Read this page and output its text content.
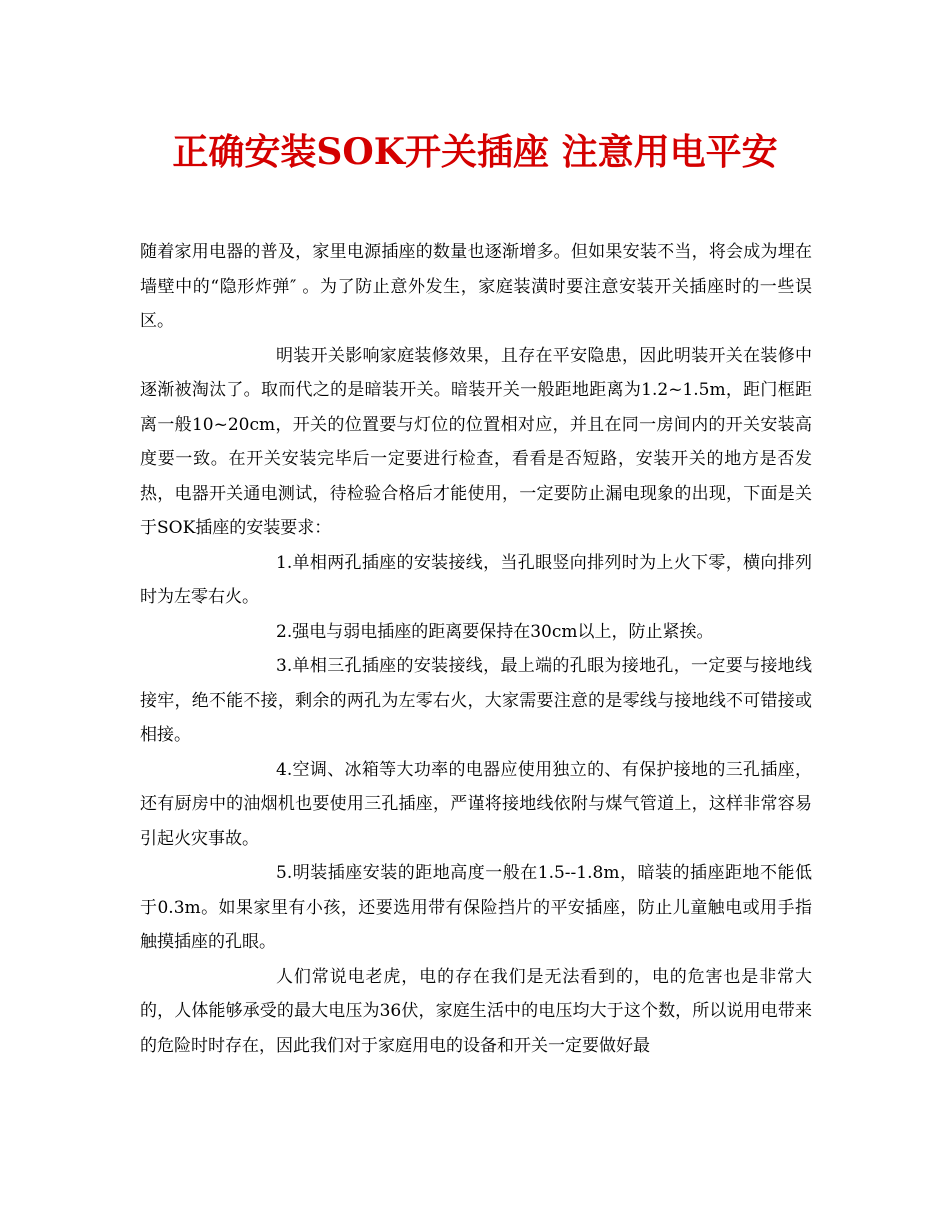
正确安装SOK开关插座 注意用电平安

随着家用电器的普及，家里电源插座的数量也逐渐增多。但如果安装不当，将会成为埋在墙壁中的“隐形炸弹″ 。为了防止意外发生，家庭装潢时要注意安装开关插座时的一些误区。

明装开关影响家庭装修效果，且存在平安隐患，因此明装开关在装修中逐渐被淘汰了。取而代之的是暗装开关。暗装开关一般距地距离为1.2~1.5m，距门框距离一般10~20cm，开关的位置要与灯位的位置相对应，并且在同一房间内的开关安装高度要一致。在开关安装完毕后一定要进行检查，看看是否短路，安装开关的地方是否发热，电器开关通电测试，待检验合格后才能使用，一定要防止漏电现象的出现，下面是关于SOK插座的安装要求：

1.单相两孔插座的安装接线，当孔眼竖向排列时为上火下零，横向排列时为左零右火。

2.强电与弱电插座的距离要保持在30cm以上，防止紧挨。

3.单相三孔插座的安装接线，最上端的孔眼为接地孔，一定要与接地线接牢，绝不能不接，剩余的两孔为左零右火，大家需要注意的是零线与接地线不可错接或相接。

4.空调、冰箱等大功率的电器应使用独立的、有保护接地的三孔插座，还有厨房中的油烟机也要使用三孔插座，严谨将接地线依附与煤气管道上，这样非常容易引起火灾事故。

5.明装插座安装的距地高度一般在1.5--1.8m，暗装的插座距地不能低于0.3m。如果家里有小孩，还要选用带有保险挡片的平安插座，防止儿童触电或用手指触摸插座的孔眼。

人们常说电老虎，电的存在我们是无法看到的，电的危害也是非常大的，人体能够承受的最大电压为36伏，家庭生活中的电压均大于这个数，所以说用电带来的危险时时存在，因此我们对于家庭用电的设备和开关一定要做好最
